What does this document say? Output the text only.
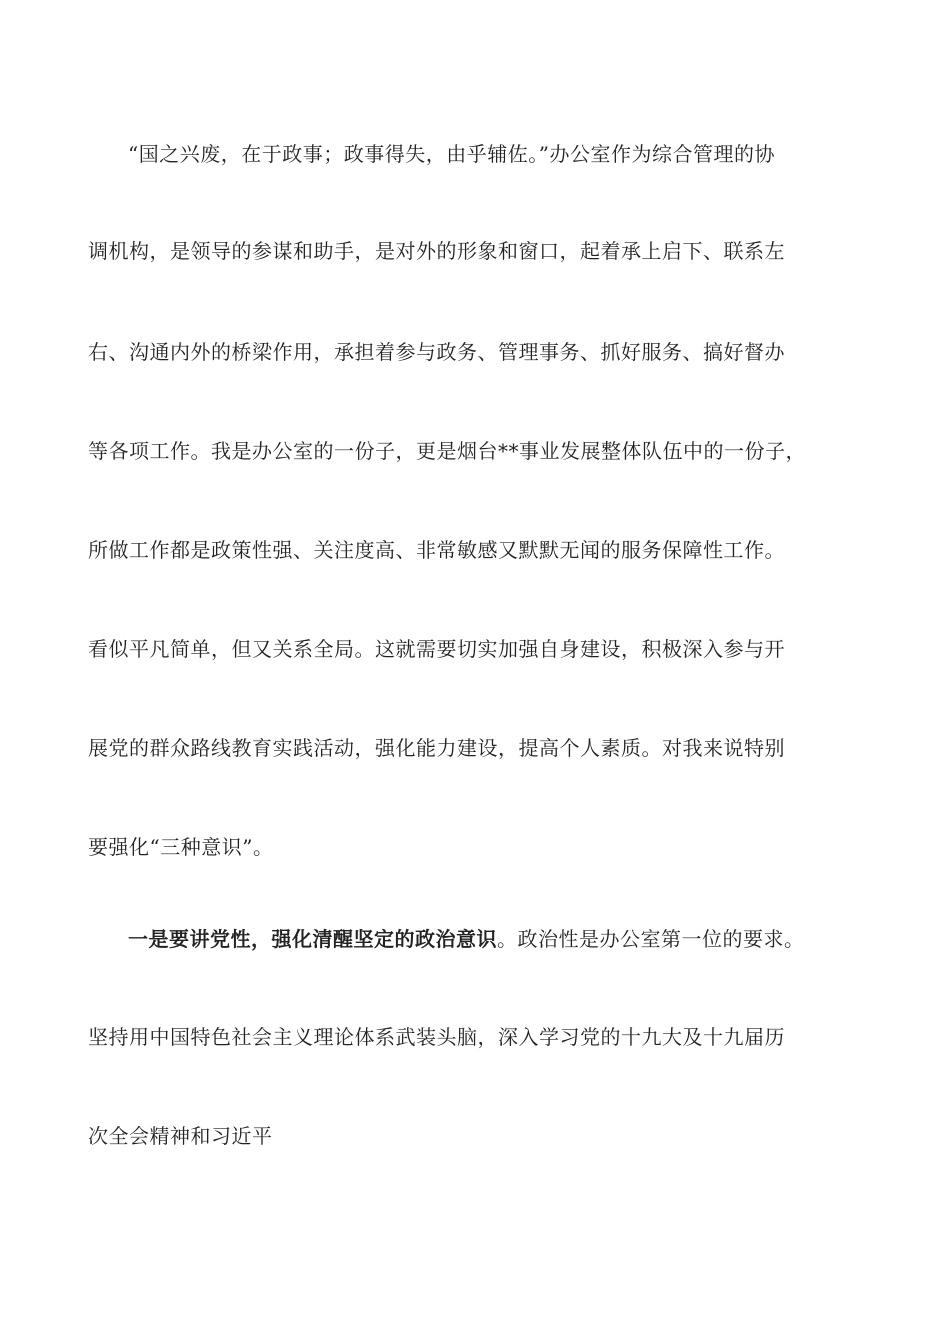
“国之兴废，在于政事；政事得失，由乎辅佐。”办公室作为综合管理的协
调机构，是领导的参谋和助手，是对外的形象和窗口，起着承上启下、联系左
右、沟通内外的桥梁作用，承担着参与政务、管理事务、抓好服务、搞好督办
等各项工作。我是办公室的一份子，更是烟台**事业发展整体队伍中的一份子，
所做工作都是政策性强、关注度高、非常敏感又默默无闻的服务保障性工作。
看似平凡简单，但又关系全局。这就需要切实加强自身建设，积极深入参与开
展党的群众路线教育实践活动，强化能力建设，提高个人素质。对我来说特别
要强化“三种意识”。
一是要讲党性，强化清醒坚定的政治意识。政治性是办公室第一位的要求。
坚持用中国特色社会主义理论体系武装头脑，深入学习党的十九大及十九届历
次全会精神和习近平
